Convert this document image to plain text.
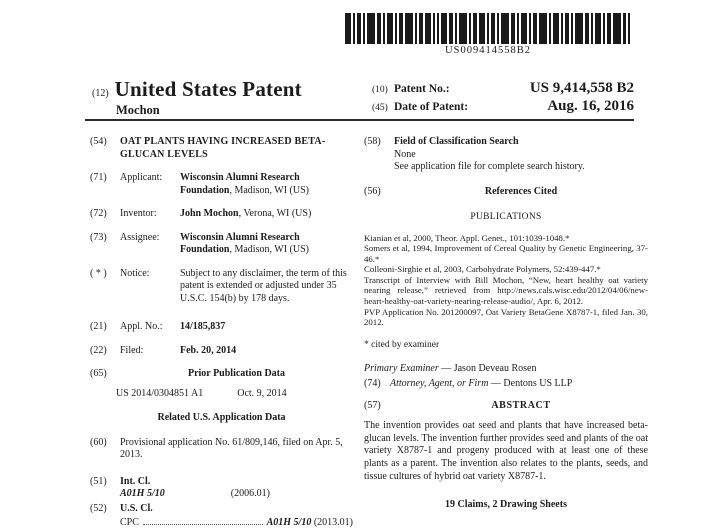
US009414558B2
(12) United States Patent
Mochon
(10) Patent No.:	US 9,414,558 B2
(45) Date of Patent:	Aug. 16, 2016
(54)	OAT PLANTS HAVING INCREASED BETA-GLUCAN LEVELS
(71)	Applicant:	Wisconsin Alumni Research Foundation, Madison, WI (US)
(72)	Inventor:	John Mochon, Verona, WI (US)
(73)	Assignee:	Wisconsin Alumni Research Foundation, Madison, WI (US)
( * )	Notice:	Subject to any disclaimer, the term of this patent is extended or adjusted under 35 U.S.C. 154(b) by 178 days.
(21)	Appl. No.:	14/185,837
(22)	Filed:	Feb. 20, 2014
(65)	Prior Publication Data
US 2014/0304851 A1	Oct. 9, 2014
Related U.S. Application Data
(60)	Provisional application No. 61/809,146, filed on Apr. 5, 2013.
(51)	Int. Cl.
A01H 5/10	(2006.01)
(52)	U.S. Cl.
CPC	A01H 5/10
(2013.01)
(58)	Field of Classification Search
None
See application file for complete search history.
(56)	References Cited
PUBLICATIONS

Kianian et al, 2000, Theor. Appl. Genet., 101:1039-1048.*

Somers et al, 1994, Improvement of Cereal Quality by Genetic Engineering, 37-46.*

Colleoni-Sirghie et al, 2003, Carbohydrate Polymers, 52:439-447.*

Transcript of Interview with Bill Mochon, “New, heart healthy oat variety nearing release,” retrieved from http://news.cals.wisc.edu/2012/04/06/new-heart-healthy-oat-variety-nearing-release-audio/, Apr. 6, 2012.

PVP Application No. 201200097, Oat Variety BetaGene X8787-1, filed Jan. 30, 2012.

* cited by examiner

Primary Examiner — Jason Deveau Rosen

(74) Attorney, Agent, or Firm — Dentons US LLP
(57)	ABSTRACT

The invention provides oat seed and plants that have increased beta-glucan levels. The invention further provides seed and plants of the oat variety X8787-1 and progeny produced with at least one of these plants as a parent. The invention also relates to the plants, seeds, and tissue cultures of hybrid oat variety X8787-1.

19 Claims, 2 Drawing Sheets
